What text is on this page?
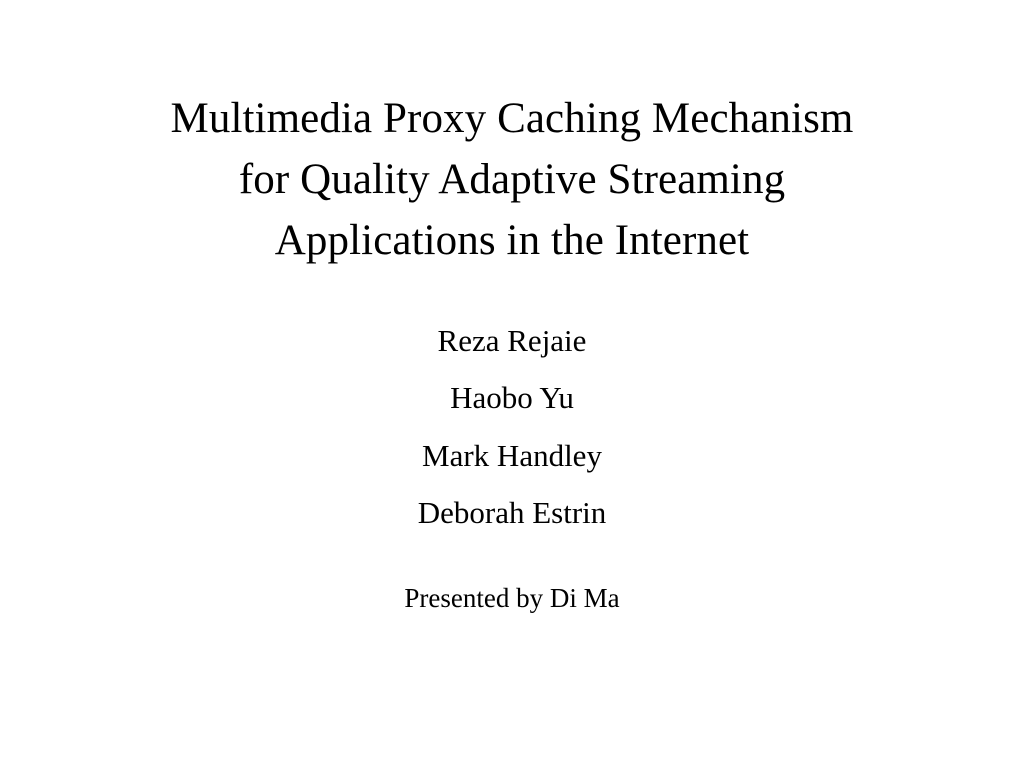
Multimedia Proxy Caching Mechanism
for Quality Adaptive Streaming
Applications in the Internet
Reza Rejaie
Haobo Yu
Mark Handley
Deborah Estrin
Presented by Di Ma
